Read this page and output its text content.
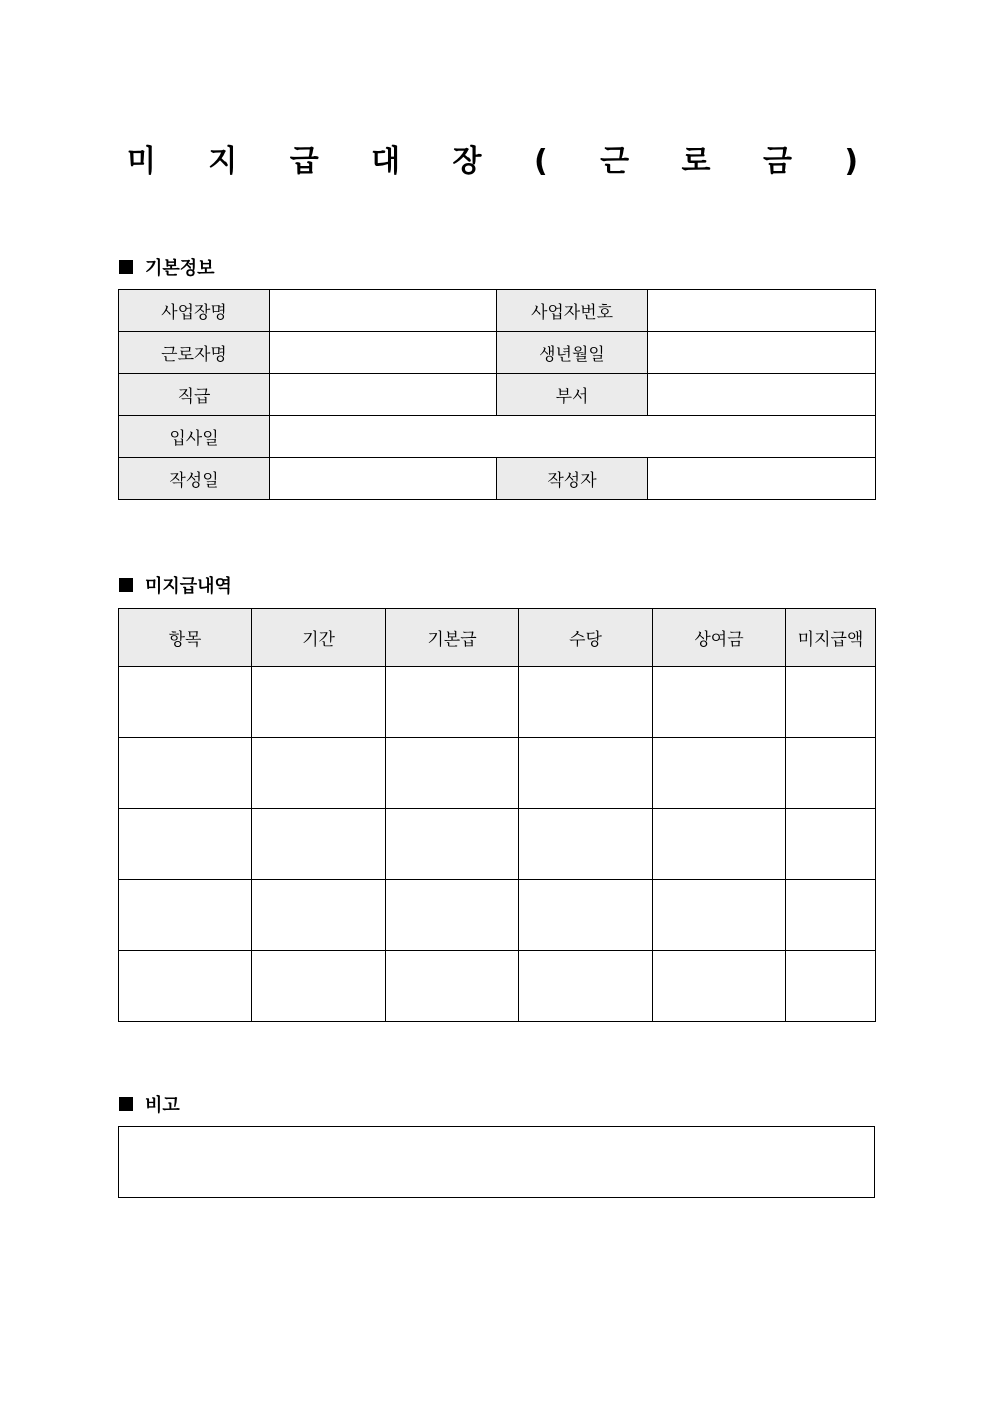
미 지 급 대 장 ( 근 로 금 )
기본정보
사업장명		사업자번호	
근로자명		생년월일	
직급		부서	
입사일			
작성일		작성자	
미지급내역
항목	기간	기본급	수당	상여금	미지급액

비고
